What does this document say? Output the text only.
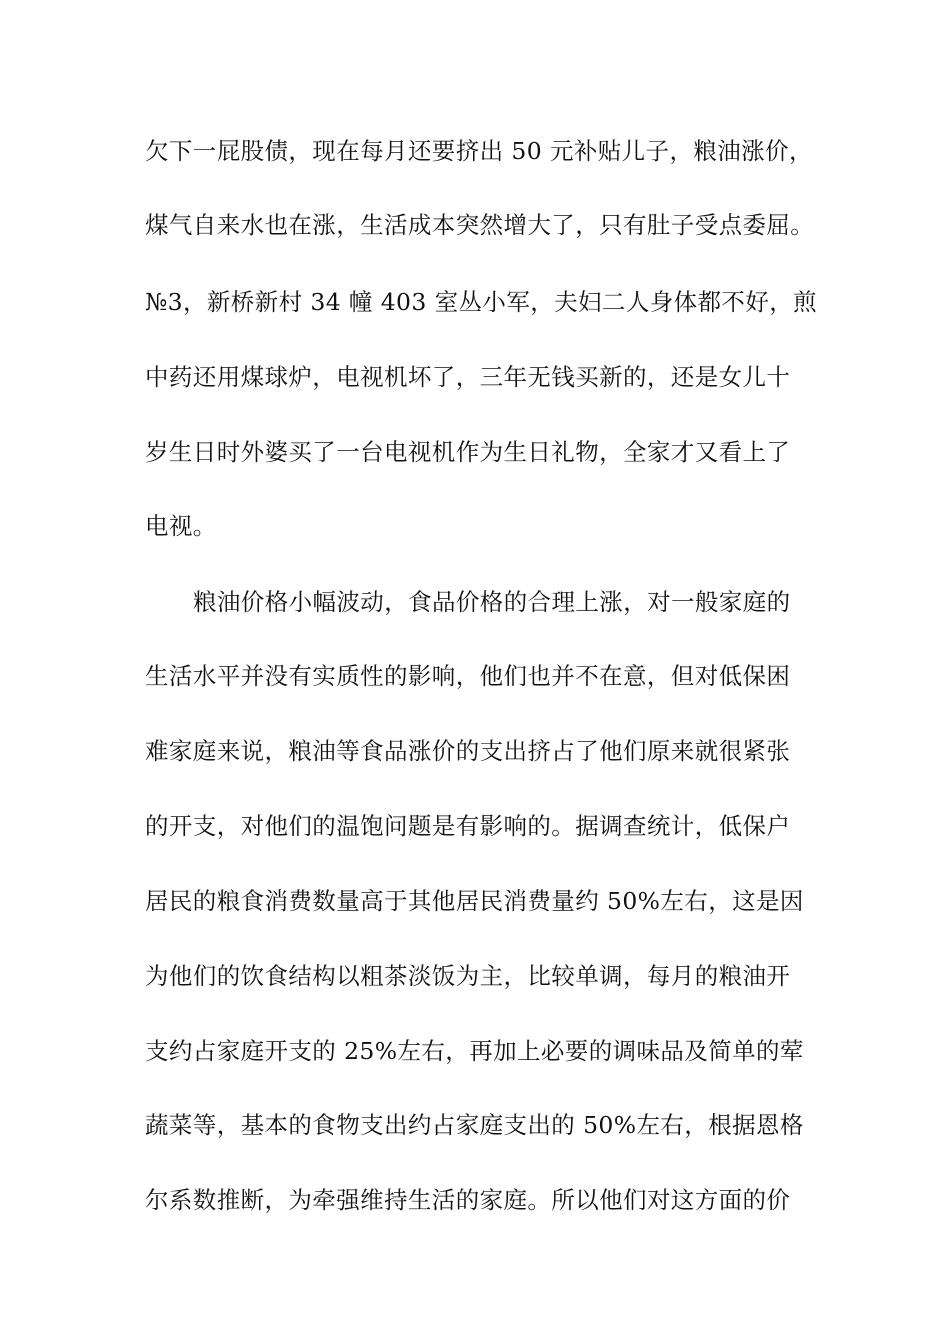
欠下一屁股债，现在每月还要挤出 50 元补贴儿子，粮油涨价，
煤气自来水也在涨，生活成本突然增大了，只有肚子受点委屈。
№3，新桥新村 34 幢 403 室丛小军，夫妇二人身体都不好，煎
中药还用煤球炉，电视机坏了，三年无钱买新的，还是女儿十
岁生日时外婆买了一台电视机作为生日礼物，全家才又看上了
电视。
粮油价格小幅波动，食品价格的合理上涨，对一般家庭的
生活水平并没有实质性的影响，他们也并不在意，但对低保困
难家庭来说，粮油等食品涨价的支出挤占了他们原来就很紧张
的开支，对他们的温饱问题是有影响的。据调查统计，低保户
居民的粮食消费数量高于其他居民消费量约 50%左右，这是因
为他们的饮食结构以粗茶淡饭为主，比较单调，每月的粮油开
支约占家庭开支的 25%左右，再加上必要的调味品及简单的荤
蔬菜等，基本的食物支出约占家庭支出的 50%左右，根据恩格
尔系数推断，为牵强维持生活的家庭。所以他们对这方面的价
